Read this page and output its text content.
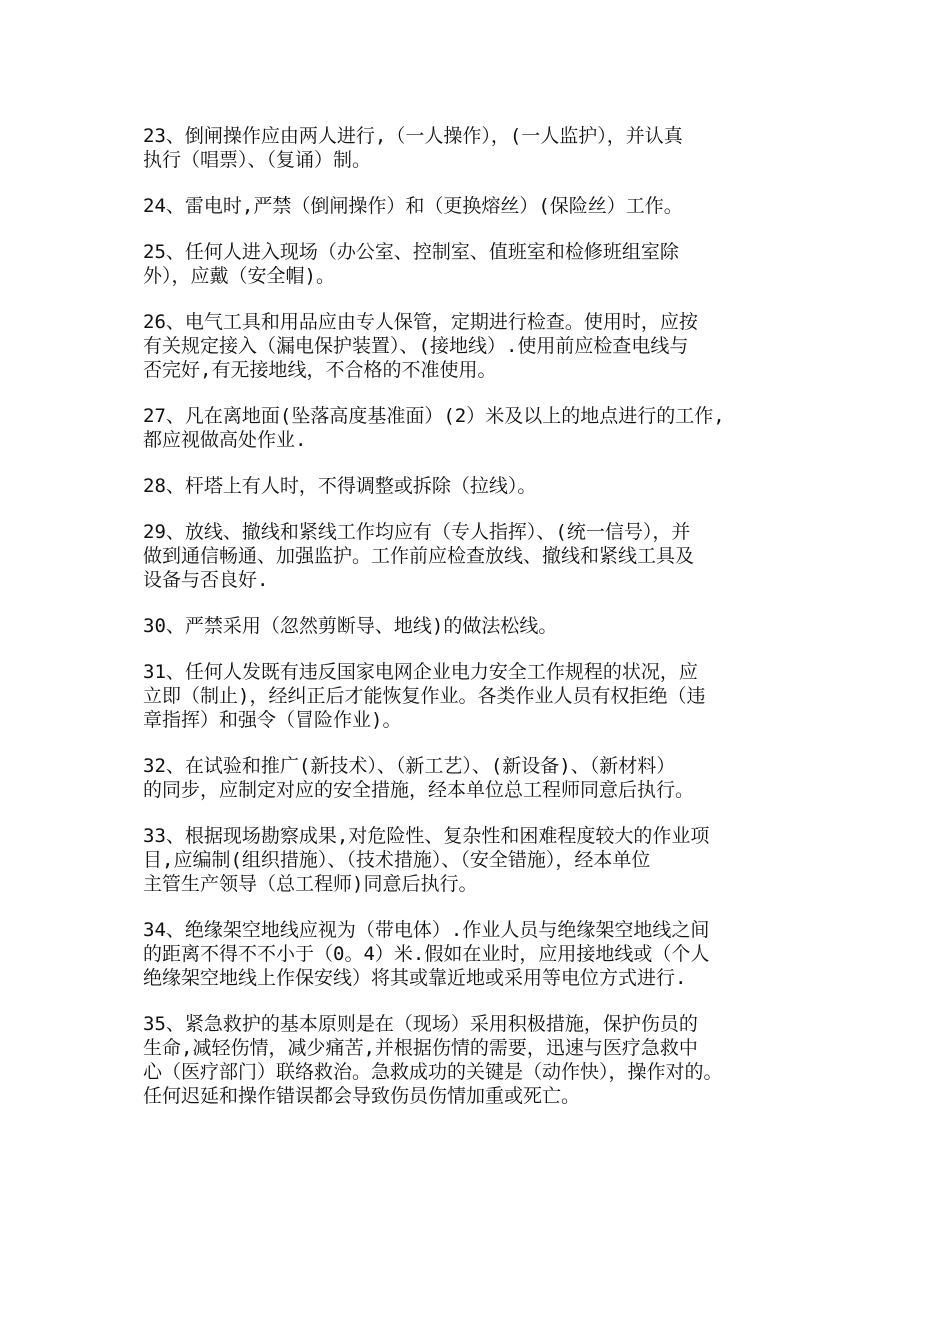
23、倒闸操作应由两人进行,（一人操作），(一人监护），并认真
执行（唱票）、（复诵）制。
24、雷电时,严禁（倒闸操作）和（更换熔丝）(保险丝）工作。
25、任何人进入现场（办公室、控制室、值班室和检修班组室除
外），应戴（安全帽)。
26、电气工具和用品应由专人保管，定期进行检查。使用时，应按
有关规定接入（漏电保护装置）、(接地线）.使用前应检查电线与
否完好,有无接地线，不合格的不准使用。
27、凡在离地面(坠落高度基准面）(2）米及以上的地点进行的工作,
都应视做高处作业.
28、杆塔上有人时，不得调整或拆除（拉线）。
29、放线、撤线和紧线工作均应有（专人指挥）、(统一信号），并
做到通信畅通、加强监护。工作前应检查放线、撤线和紧线工具及
设备与否良好.
30、严禁采用（忽然剪断导、地线)的做法松线。
31、任何人发既有违反国家电网企业电力安全工作规程的状况，应
立即（制止)，经纠正后才能恢复作业。各类作业人员有权拒绝（违
章指挥）和强令（冒险作业)。
32、在试验和推广(新技术）、（新工艺）、(新设备)、（新材料）
的同步，应制定对应的安全措施，经本单位总工程师同意后执行。
33、根据现场勘察成果,对危险性、复杂性和困难程度较大的作业项
目,应编制(组织措施）、（技术措施）、（安全错施），经本单位
主管生产领导（总工程师)同意后执行。
34、绝缘架空地线应视为（带电体）.作业人员与绝缘架空地线之间
的距离不得不不小于（0。4）米.假如在业时，应用接地线或（个人
绝缘架空地线上作保安线）将其或靠近地或采用等电位方式进行.
35、紧急救护的基本原则是在（现场）采用积极措施，保护伤员的
生命,减轻伤情，减少痛苦,并根据伤情的需要，迅速与医疗急救中
心（医疗部门）联络救治。急救成功的关键是（动作快），操作对的。
任何迟延和操作错误都会导致伤员伤情加重或死亡。
